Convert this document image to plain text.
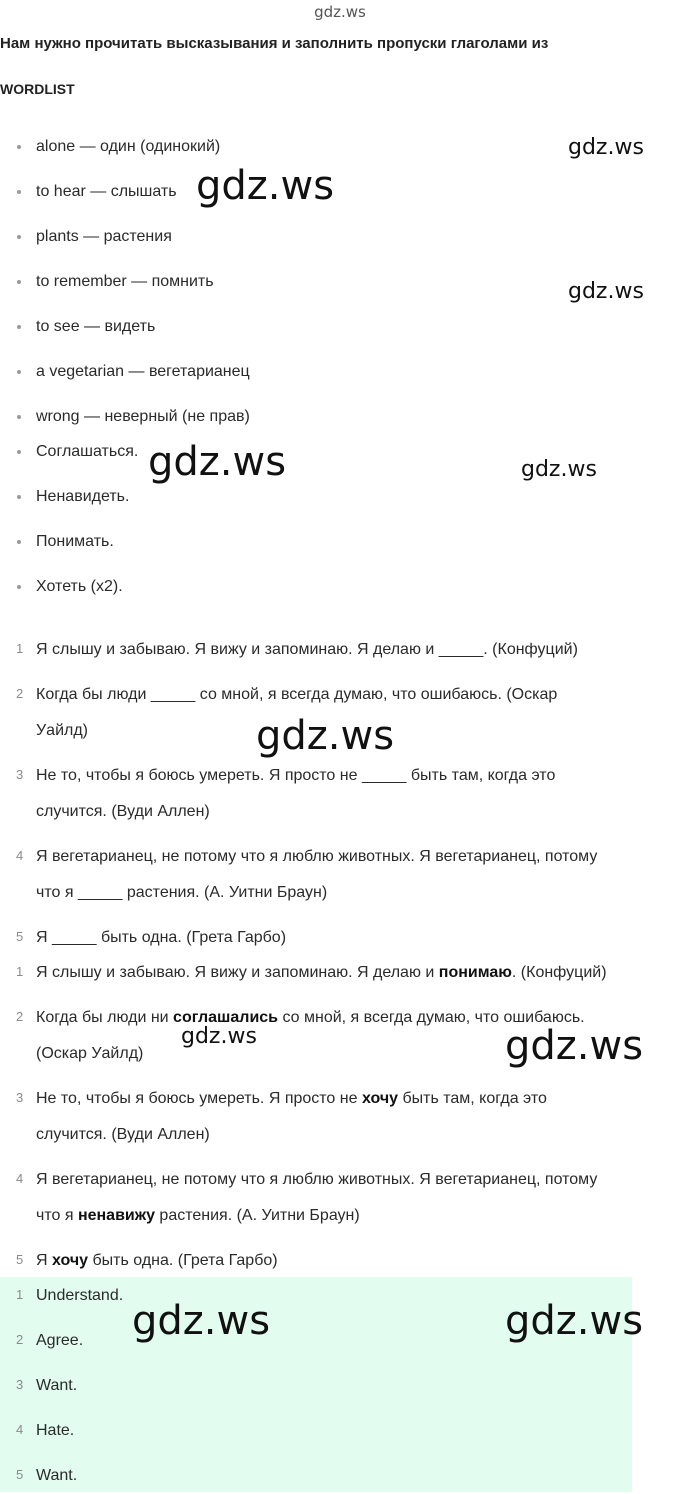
gdz.ws
Нам нужно прочитать высказывания и заполнить пропуски глаголами из
WORDLIST
alone — один (одинокий)
to hear — слышать
plants — растения
to remember — помнить
to see — видеть
a vegetarian — вегетарианец
wrong — неверный (не прав)
Соглашаться.
Ненавидеть.
Понимать.
Хотеть (x2).
1 Я слышу и забываю. Я вижу и запоминаю. Я делаю и _____. (Конфуций)
2 Когда бы люди _____ со мной, я всегда думаю, что ошибаюсь. (Оскар
Уайлд)
3 Не то, чтобы я боюсь умереть. Я просто не _____ быть там, когда это
случится. (Вуди Аллен)
4 Я вегетарианец, не потому что я люблю животных. Я вегетарианец, потому
что я _____ растения. (А. Уитни Браун)
5 Я _____ быть одна. (Грета Гарбо)
1 Я слышу и забываю. Я вижу и запоминаю. Я делаю и понимаю. (Конфуций)
2 Когда бы люди ни соглашались со мной, я всегда думаю, что ошибаюсь.
(Оскар Уайлд)
3 Не то, чтобы я боюсь умереть. Я просто не хочу быть там, когда это
случится. (Вуди Аллен)
4 Я вегетарианец, не потому что я люблю животных. Я вегетарианец, потому
что я ненавижу растения. (А. Уитни Браун)
5 Я хочу быть одна. (Грета Гарбо)
1 Understand.
2 Agree.
3 Want.
4 Hate.
5 Want.
gdz.ws
gdz.ws
gdz.ws
gdz.ws	gdz.ws
gdz.ws
gdz.ws	gdz.ws
gdz.ws	gdz.ws
